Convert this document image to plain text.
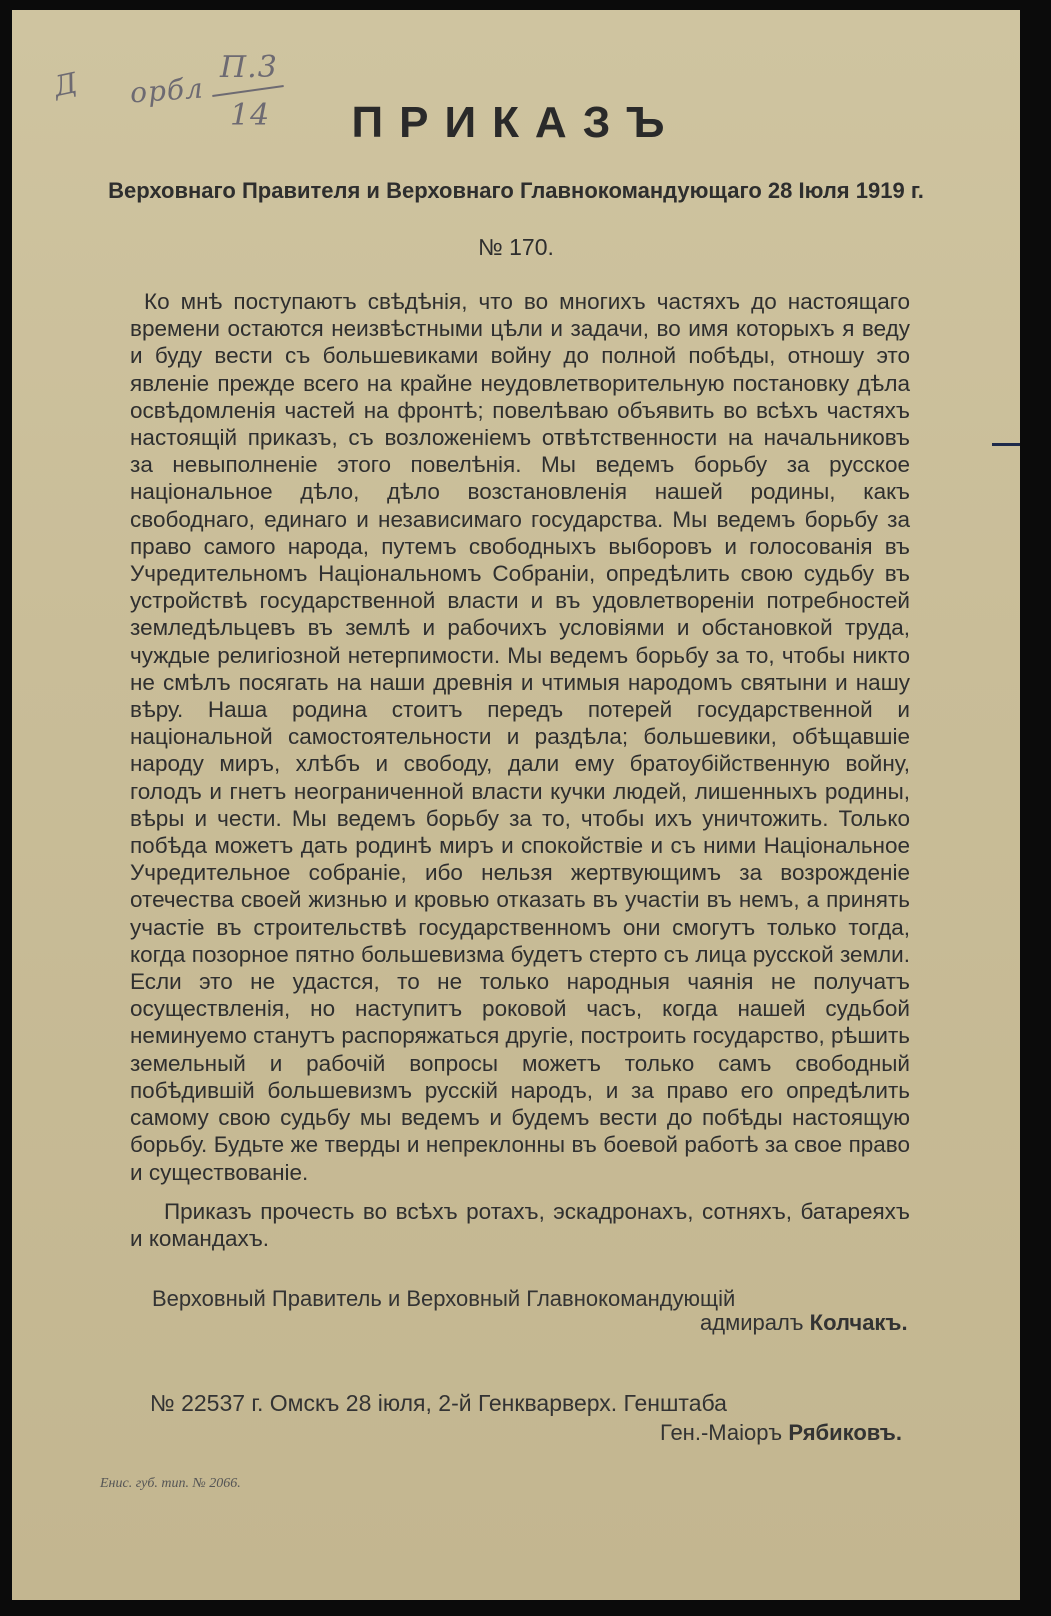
Д орбл
П.3
14	ПРИКАЗЪ

Верховнаго Правителя и Верховнаго Главнокомандующаго 28 Іюля 1919 г.

№ 170.

Ко мнѣ поступаютъ свѣдѣнія, что во многихъ частяхъ до настоящаго времени остаются неизвѣстными цѣли и задачи, во имя которыхъ я веду и буду вести съ большевиками войну до полной побѣды, отношу это явленіе прежде всего на крайне неудовлетворительную постановку дѣла освѣдомленія частей на фронтѣ; повелѣваю объявить во всѣхъ частяхъ настоящій приказъ, съ возложеніемъ отвѣтственности на начальниковъ за невыполненіе этого повелѣнія. Мы ведемъ борьбу за русское національное дѣло, дѣло возстановленія нашей родины, какъ свободнаго, единаго и независимаго государства. Мы ведемъ борьбу за право самого народа, путемъ свободныхъ выборовъ и голосованія въ Учредительномъ Національномъ Собраніи, опредѣлить свою судьбу въ устройствѣ государственной власти и въ удовлетвореніи потребностей земледѣльцевъ въ землѣ и рабочихъ условіями и обстановкой труда, чуждые религіозной нетерпимости. Мы ведемъ борьбу за то, чтобы никто не смѣлъ посягать на наши древнія и чтимыя народомъ святыни и нашу вѣру. Наша родина стоитъ передъ потерей государственной и національной самостоятельности и раздѣла; большевики, обѣщавшіе народу миръ, хлѣбъ и свободу, дали ему братоубійственную войну, голодъ и гнетъ неограниченной власти кучки людей, лишенныхъ родины, вѣры и чести. Мы ведемъ борьбу за то, чтобы ихъ уничтожить. Только побѣда можетъ дать родинѣ миръ и спокойствіе и съ ними Національное Учредительное собраніе, ибо нельзя жертвующимъ за возрожденіе отечества своей жизнью и кровью отказать въ участіи въ немъ, а принять участіе въ строительствѣ государственномъ они смогутъ только тогда, когда позорное пятно большевизма будетъ стерто съ лица русской земли. Если это не удастся, то не только народныя чаянія не получатъ осуществленія, но наступитъ роковой часъ, когда нашей судьбой неминуемо станутъ распоряжаться другіе, построить государство, рѣшить земельный и рабочій вопросы можетъ только самъ свободный побѣдившій большевизмъ русскій народъ, и за право его опредѣлить самому свою судьбу мы ведемъ и будемъ вести до побѣды настоящую борьбу. Будьте же тверды и непреклонны въ боевой работѣ за свое право и существованіе.

Приказъ прочесть во всѣхъ ротахъ, эскадронахъ, сотняхъ, батареяхъ и командахъ.

Верховный Правитель и Верховный Главнокомандующій
адмиралъ Колчакъ.
№ 22537 г. Омскъ 28 іюля, 2-й Генкварверх. Генштаба
Ген.-Маіоръ Рябиковъ.
Енис. губ. тип. № 2066.
